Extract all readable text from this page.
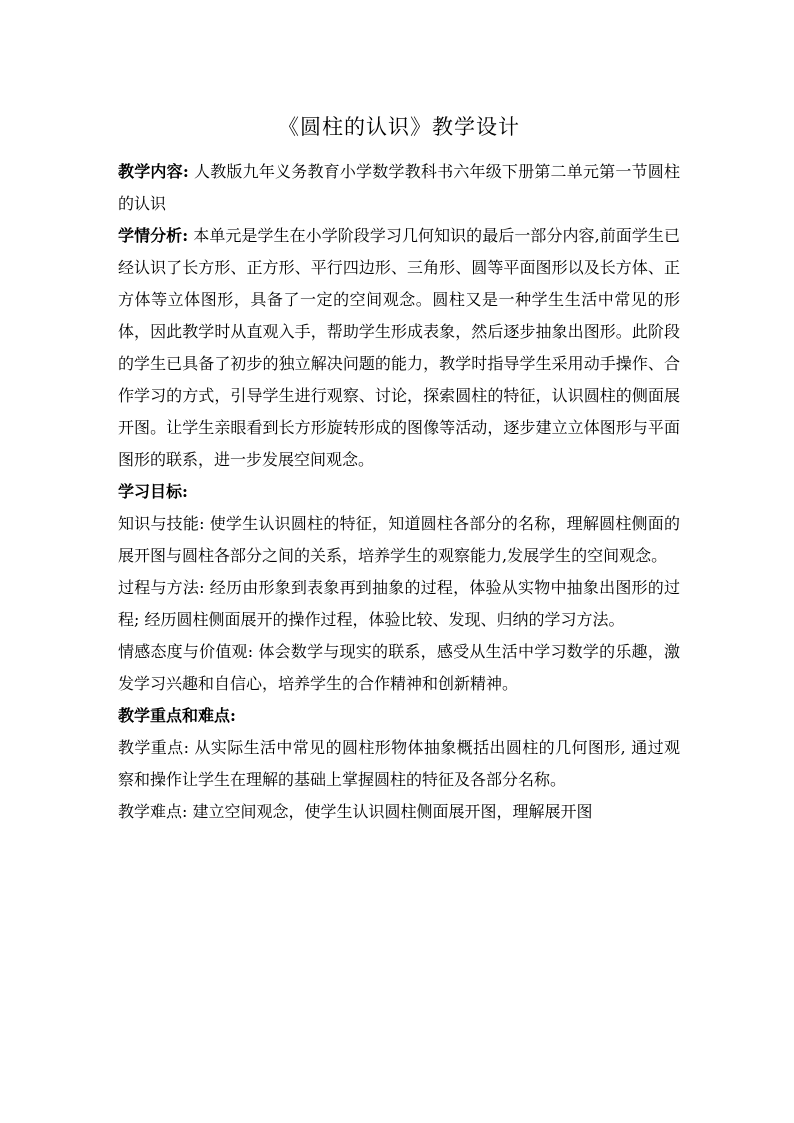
《圆柱的认识》教学设计

教学内容: 人教版九年义务教育小学数学教科书六年级下册第二单元第一节圆柱的认识

学情分析: 本单元是学生在小学阶段学习几何知识的最后一部分内容,前面学生已经认识了长方形、正方形、平行四边形、三角形、圆等平面图形以及长方体、正方体等立体图形，具备了一定的空间观念。圆柱又是一种学生生活中常见的形体，因此教学时从直观入手，帮助学生形成表象，然后逐步抽象出图形。此阶段的学生已具备了初步的独立解决问题的能力，教学时指导学生采用动手操作、合作学习的方式，引导学生进行观察、讨论，探索圆柱的特征，认识圆柱的侧面展开图。让学生亲眼看到长方形旋转形成的图像等活动，逐步建立立体图形与平面图形的联系，进一步发展空间观念。

学习目标:

知识与技能: 使学生认识圆柱的特征，知道圆柱各部分的名称，理解圆柱侧面的展开图与圆柱各部分之间的关系，培养学生的观察能力,发展学生的空间观念。

过程与方法: 经历由形象到表象再到抽象的过程，体验从实物中抽象出图形的过程; 经历圆柱侧面展开的操作过程，体验比较、发现、归纳的学习方法。

情感态度与价值观: 体会数学与现实的联系，感受从生活中学习数学的乐趣，激发学习兴趣和自信心，培养学生的合作精神和创新精神。

教学重点和难点:

教学重点: 从实际生活中常见的圆柱形物体抽象概括出圆柱的几何图形, 通过观察和操作让学生在理解的基础上掌握圆柱的特征及各部分名称。

教学难点: 建立空间观念，使学生认识圆柱侧面展开图，理解展开图
